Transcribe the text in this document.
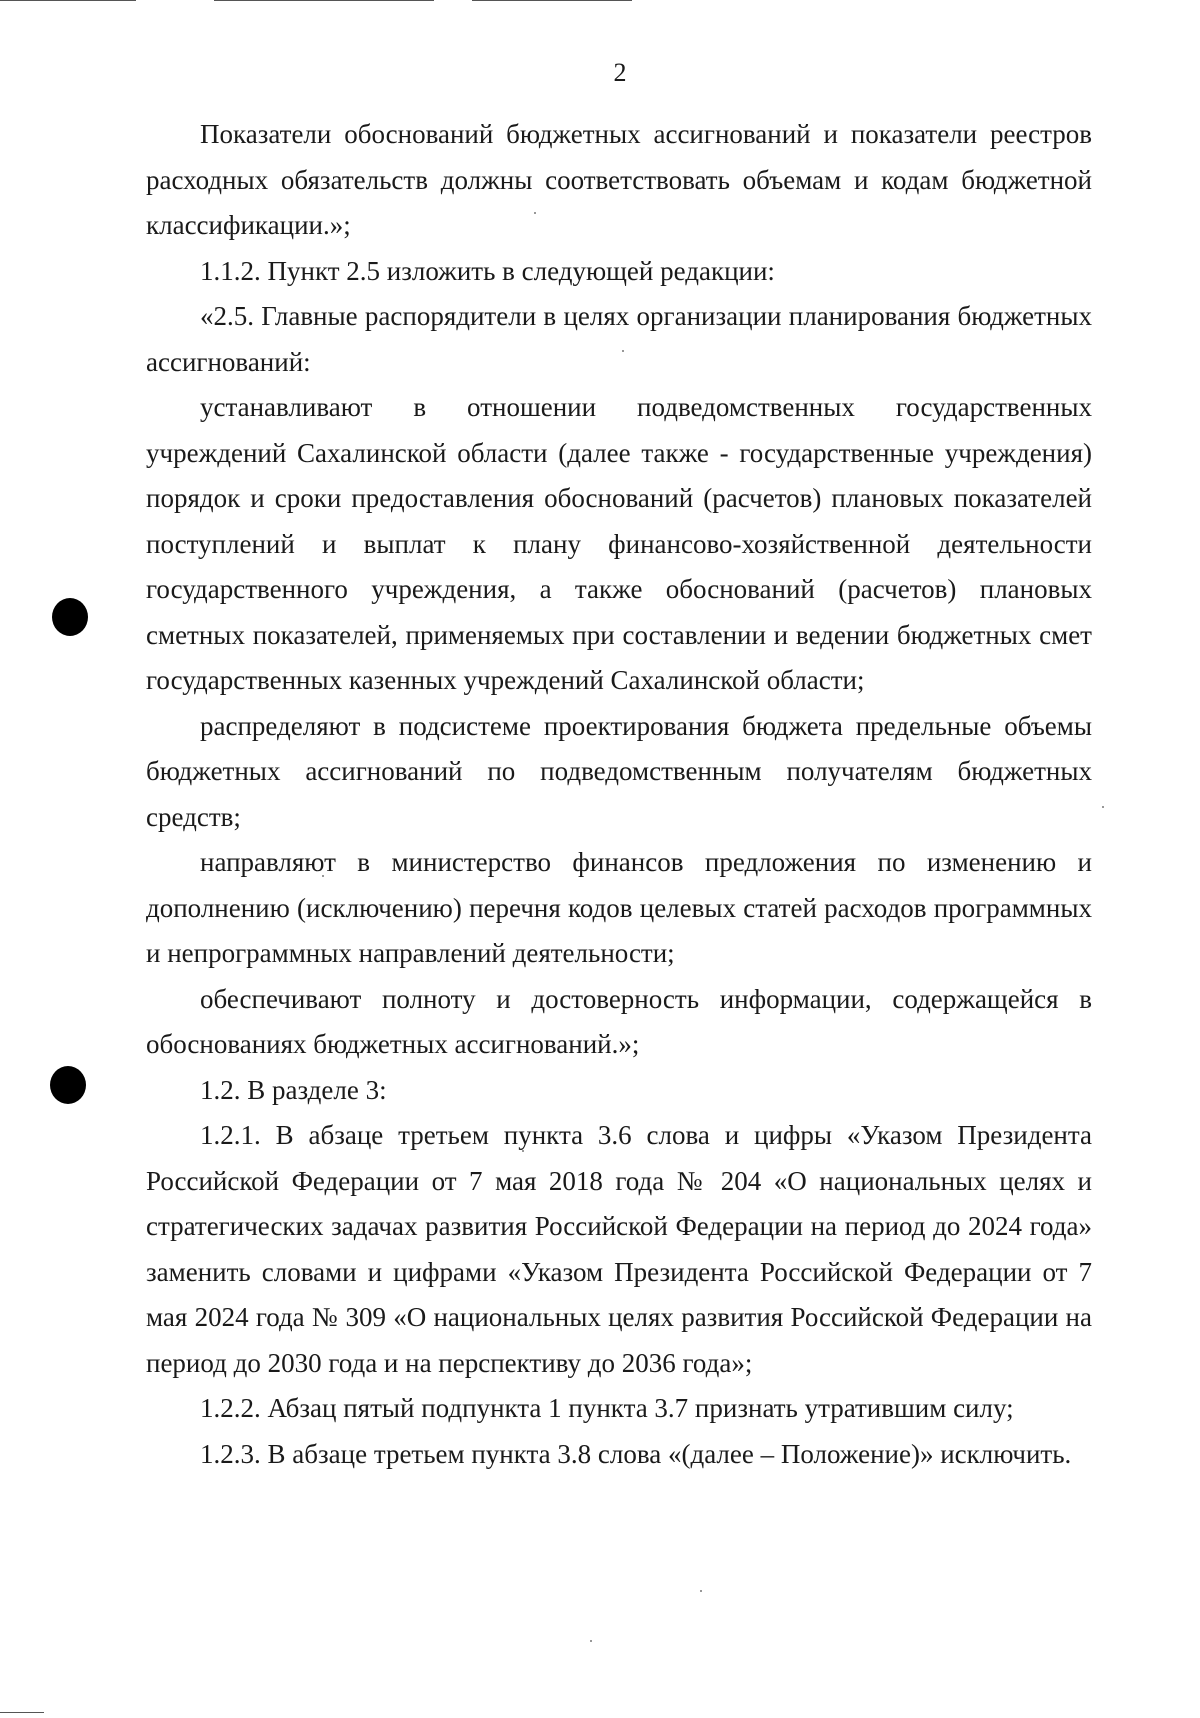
2

Показатели обоснований бюджетных ассигнований и показатели реестров расходных обязательств должны соответствовать объемам и кодам бюджетной классификации.»;

1.1.2. Пункт 2.5 изложить в следующей редакции:

«2.5. Главные распорядители в целях организации планирования бюджетных ассигнований:

устанавливают в отношении подведомственных государственных учреждений Сахалинской области (далее также - государственные учреждения) порядок и сроки предоставления обоснований (расчетов) плановых показателей поступлений и выплат к плану финансово-хозяйственной деятельности государственного учреждения, а также обоснований (расчетов) плановых сметных показателей, применяемых при составлении и ведении бюджетных смет государственных казенных учреждений Сахалинской области;

распределяют в подсистеме проектирования бюджета предельные объемы бюджетных ассигнований по подведомственным получателям бюджетных средств;

направляют в министерство финансов предложения по изменению и дополнению (исключению) перечня кодов целевых статей расходов программных и непрограммных направлений деятельности;

обеспечивают полноту и достоверность информации, содержащейся в обоснованиях бюджетных ассигнований.»;

1.2. В разделе 3:

1.2.1. В абзаце третьем пункта 3.6 слова и цифры «Указом Президента Российской Федерации от 7 мая 2018 года № 204 «О национальных целях и стратегических задачах развития Российской Федерации на период до 2024 года» заменить словами и цифрами «Указом Президента Российской Федерации от 7 мая 2024 года № 309 «О национальных целях развития Российской Федерации на период до 2030 года и на перспективу до 2036 года»;

1.2.2. Абзац пятый подпункта 1 пункта 3.7 признать утратившим силу;

1.2.3. В абзаце третьем пункта 3.8 слова «(далее – Положение)» исключить.
